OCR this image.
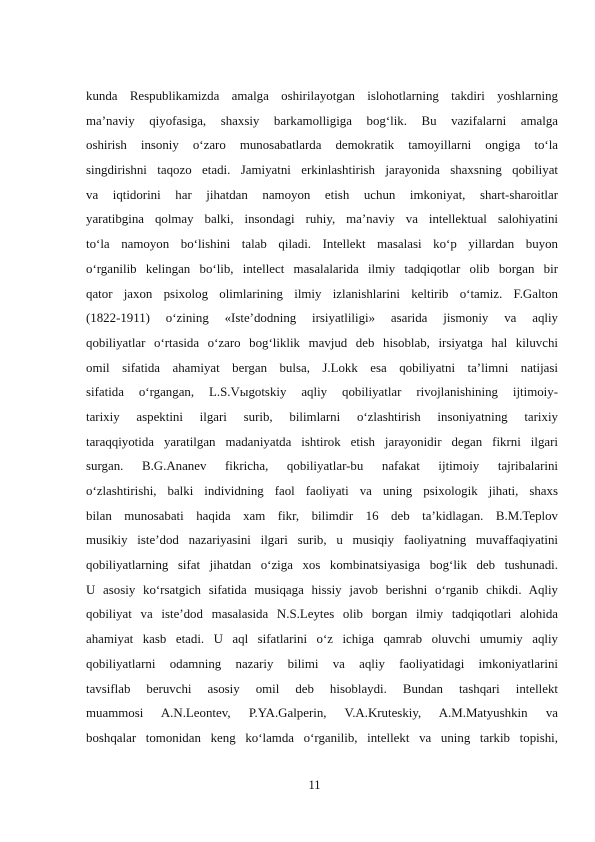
kunda Respublikamizda amalga oshirilayotgan islohotlarning takdiri yoshlarning
ma’naviy qiyofasiga, shaxsiy barkamolligiga bog‘lik. Bu vazifalarni amalga
oshirish insoniy o‘zaro munosabatlarda demokratik tamoyillarni ongiga to‘la
singdirishni taqozo etadi. Jamiyatni erkinlashtirish jarayonida shaxsning qobiliyat
va iqtidorini har jihatdan namoyon etish uchun imkoniyat, shart-sharoitlar
yaratibgina qolmay balki, insondagi ruhiy, ma’naviy va intellektual salohiyatini
to‘la namoyon bo‘lishini talab qiladi. Intellekt masalasi ko‘p yillardan buyon
o‘rganilib kelingan bo‘lib, intellect masalalarida ilmiy tadqiqotlar olib borgan bir
qator jaxon psixolog olimlarining ilmiy izlanishlarini keltirib o‘tamiz. F.Galton
(1822-1911) o‘zining «Iste’dodning irsiyatliligi» asarida jismoniy va aqliy
qobiliyatlar o‘rtasida o‘zaro bog‘liklik mavjud deb hisoblab, irsiyatga hal kiluvchi
omil sifatida ahamiyat bergan bulsa, J.Lokk esa qobiliyatni ta’limni natijasi
sifatida o‘rgangan, L.S.Vыgotskiy aqliy qobiliyatlar rivojlanishining ijtimoiy-
tarixiy aspektini ilgari surib, bilimlarni o‘zlashtirish insoniyatning tarixiy
taraqqiyotida yaratilgan madaniyatda ishtirok etish jarayonidir degan fikrni ilgari
surgan. B.G.Ananev fikricha, qobiliyatlar-bu nafakat ijtimoiy tajribalarini
o‘zlashtirishi, balki individning faol faoliyati va uning psixologik jihati, shaxs
bilan munosabati haqida xam fikr, bilimdir 16 deb ta’kidlagan. B.M.Teplov
musikiy iste’dod nazariyasini ilgari surib, u musiqiy faoliyatning muvaffaqiyatini
qobiliyatlarning sifat jihatdan o‘ziga xos kombinatsiyasiga bog‘lik deb tushunadi.
U asosiy ko‘rsatgich sifatida musiqaga hissiy javob berishni o‘rganib chikdi. Aqliy
qobiliyat va iste’dod masalasida N.S.Leytes olib borgan ilmiy tadqiqotlari alohida
ahamiyat kasb etadi. U aql sifatlarini o‘z ichiga qamrab oluvchi umumiy aqliy
qobiliyatlarni odamning nazariy bilimi va aqliy faoliyatidagi imkoniyatlarini
tavsiflab beruvchi asosiy omil deb hisoblaydi. Bundan tashqari intellekt
muammosi A.N.Leontev, P.YA.Galperin, V.A.Kruteskiy, A.M.Matyushkin va
boshqalar tomonidan keng ko‘lamda o‘rganilib, intellekt va uning tarkib topishi,
11
